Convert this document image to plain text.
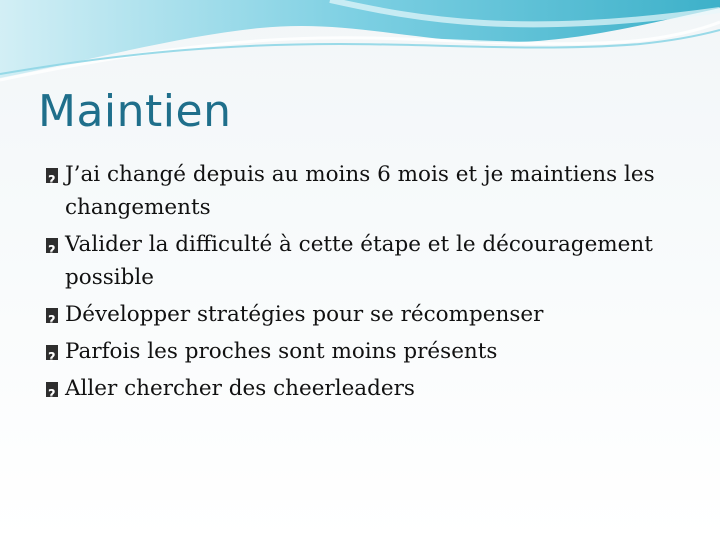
Maintien
?
J’ai changé depuis au moins 6 mois et je maintiens les changements
?
Valider la difficulté à cette étape et le découragement possible
?
Développer stratégies pour se récompenser
?
Parfois les proches sont moins présents
?
Aller chercher des cheerleaders
